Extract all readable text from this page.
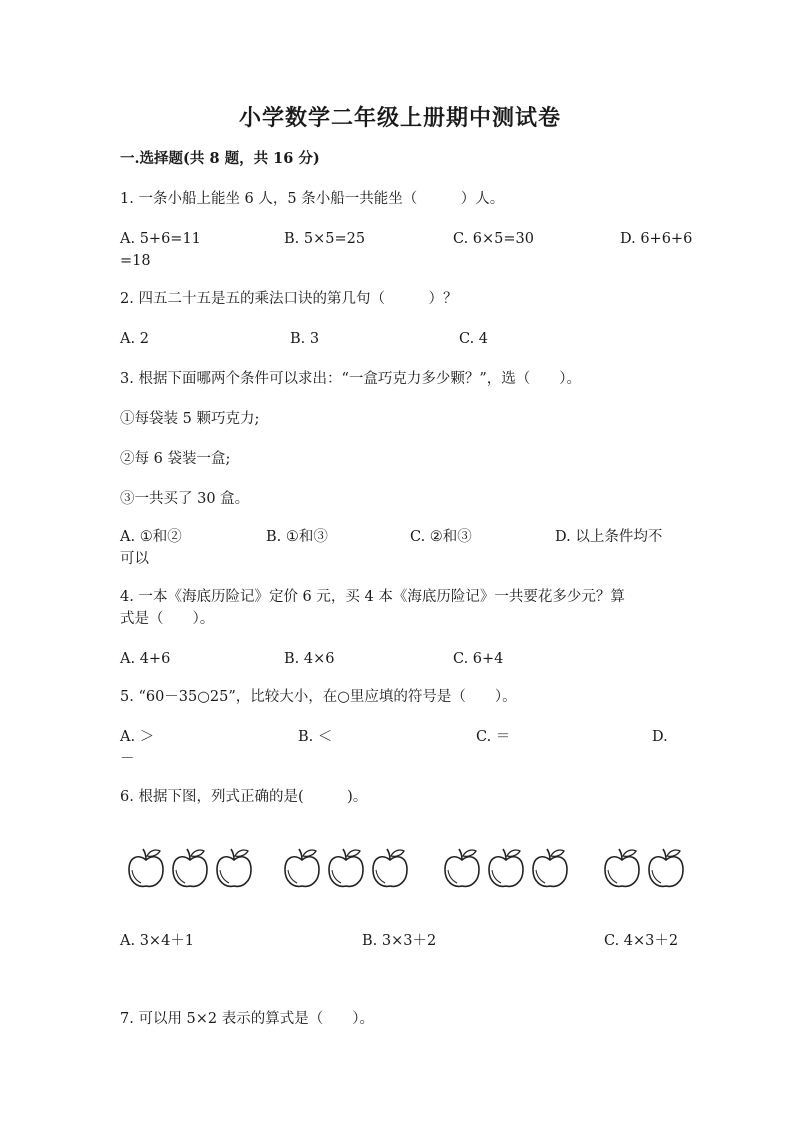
小学数学二年级上册期中测试卷
一.选择题(共 8 题，共 16 分)
1. 一条小船上能坐 6 人，5 条小船一共能坐（　　　）人。
A. 5+6=11	B. 5×5=25	C. 6×5=30	D. 6+6+6
=18
2. 四五二十五是五的乘法口诀的第几句（　　　）？
A. 2	B. 3	C. 4
3. 根据下面哪两个条件可以求出：“一盒巧克力多少颗？”，选（　　）。
①每袋装 5 颗巧克力;
②每 6 袋装一盒;
③一共买了 30 盒。
A. ①和②	B. ①和③	C. ②和③	D. 以上条件均不
可以
4. 一本《海底历险记》定价 6 元，买 4 本《海底历险记》一共要花多少元？算
式是（　　）。
A. 4+6	B. 4×6	C. 6+4
5. “60－35○25”，比较大小，在○里应填的符号是（　　）。
A. ＞	B. ＜	C. ＝	D.
－
6. 根据下图，列式正确的是(　　　)。
A. 3×4＋1	B. 3×3＋2	C. 4×3＋2
7. 可以用 5×2 表示的算式是（　　）。
